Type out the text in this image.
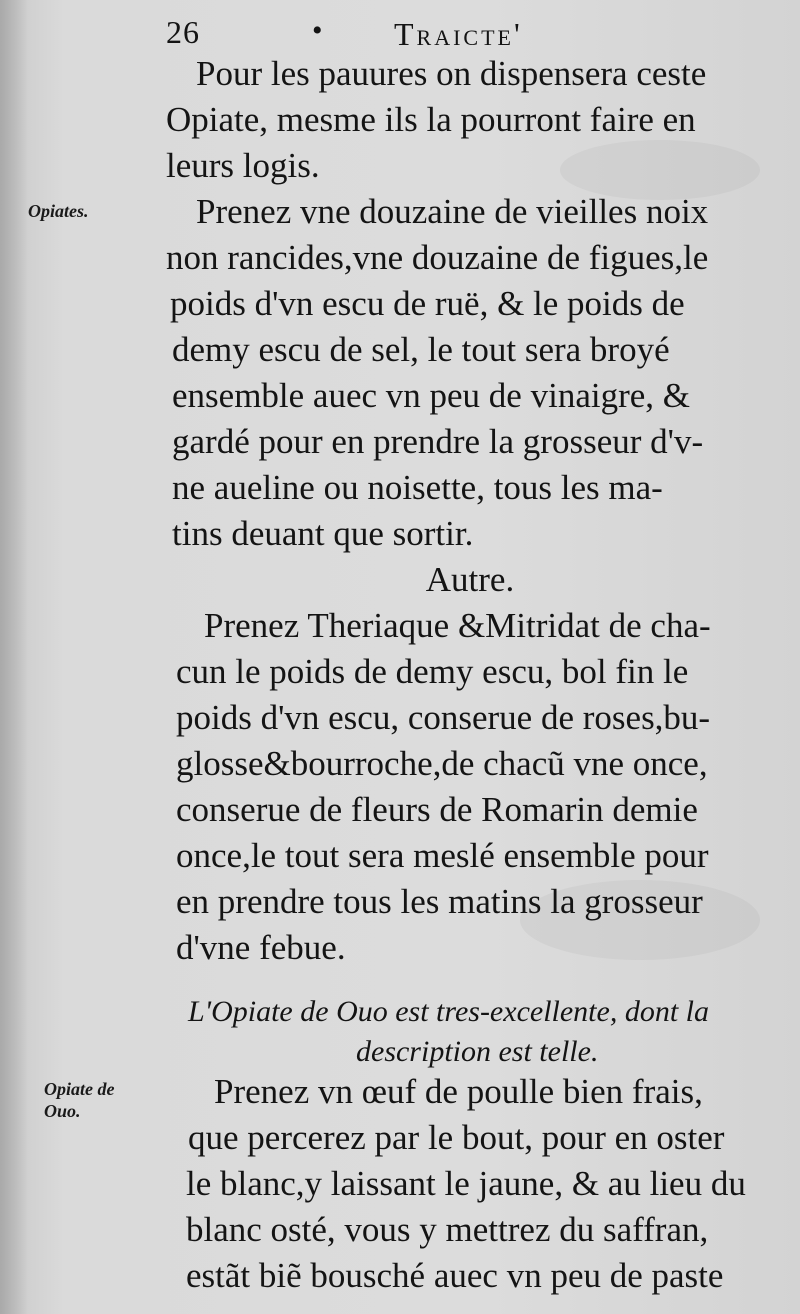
26	• Traicte'
Opiates.
Opiate de
Ouo.
Pour les pauures on dispensera ceste
Opiate, mesme ils la pourront faire en
leurs logis.
Prenez vne douzaine de vieilles noix
non rancides,vne douzaine de figues,le
poids d'vn escu de ruë, & le poids de
demy escu de sel, le tout sera broyé
ensemble auec vn peu de vinaigre, &
gardé pour en prendre la grosseur d'v-
ne aueline ou noisette, tous les ma-
tins deuant que sortir.
Autre.
Prenez Theriaque &Mitridat de cha-
cun le poids de demy escu, bol fin le
poids d'vn escu, conserue de roses,bu-
glosse&bourroche,de chacũ vne once,
conserue de fleurs de Romarin demie
once,le tout sera meslé ensemble pour
en prendre tous les matins la grosseur
d'vne febue.
L'Opiate de Ouo est tres-excellente, dont la
description est telle.
Prenez vn œuf de poulle bien frais,
que percerez par le bout, pour en oster
le blanc,y laissant le jaune, & au lieu du
blanc osté, vous y mettrez du saffran,
estãt biẽ bousché auec vn peu de paste
